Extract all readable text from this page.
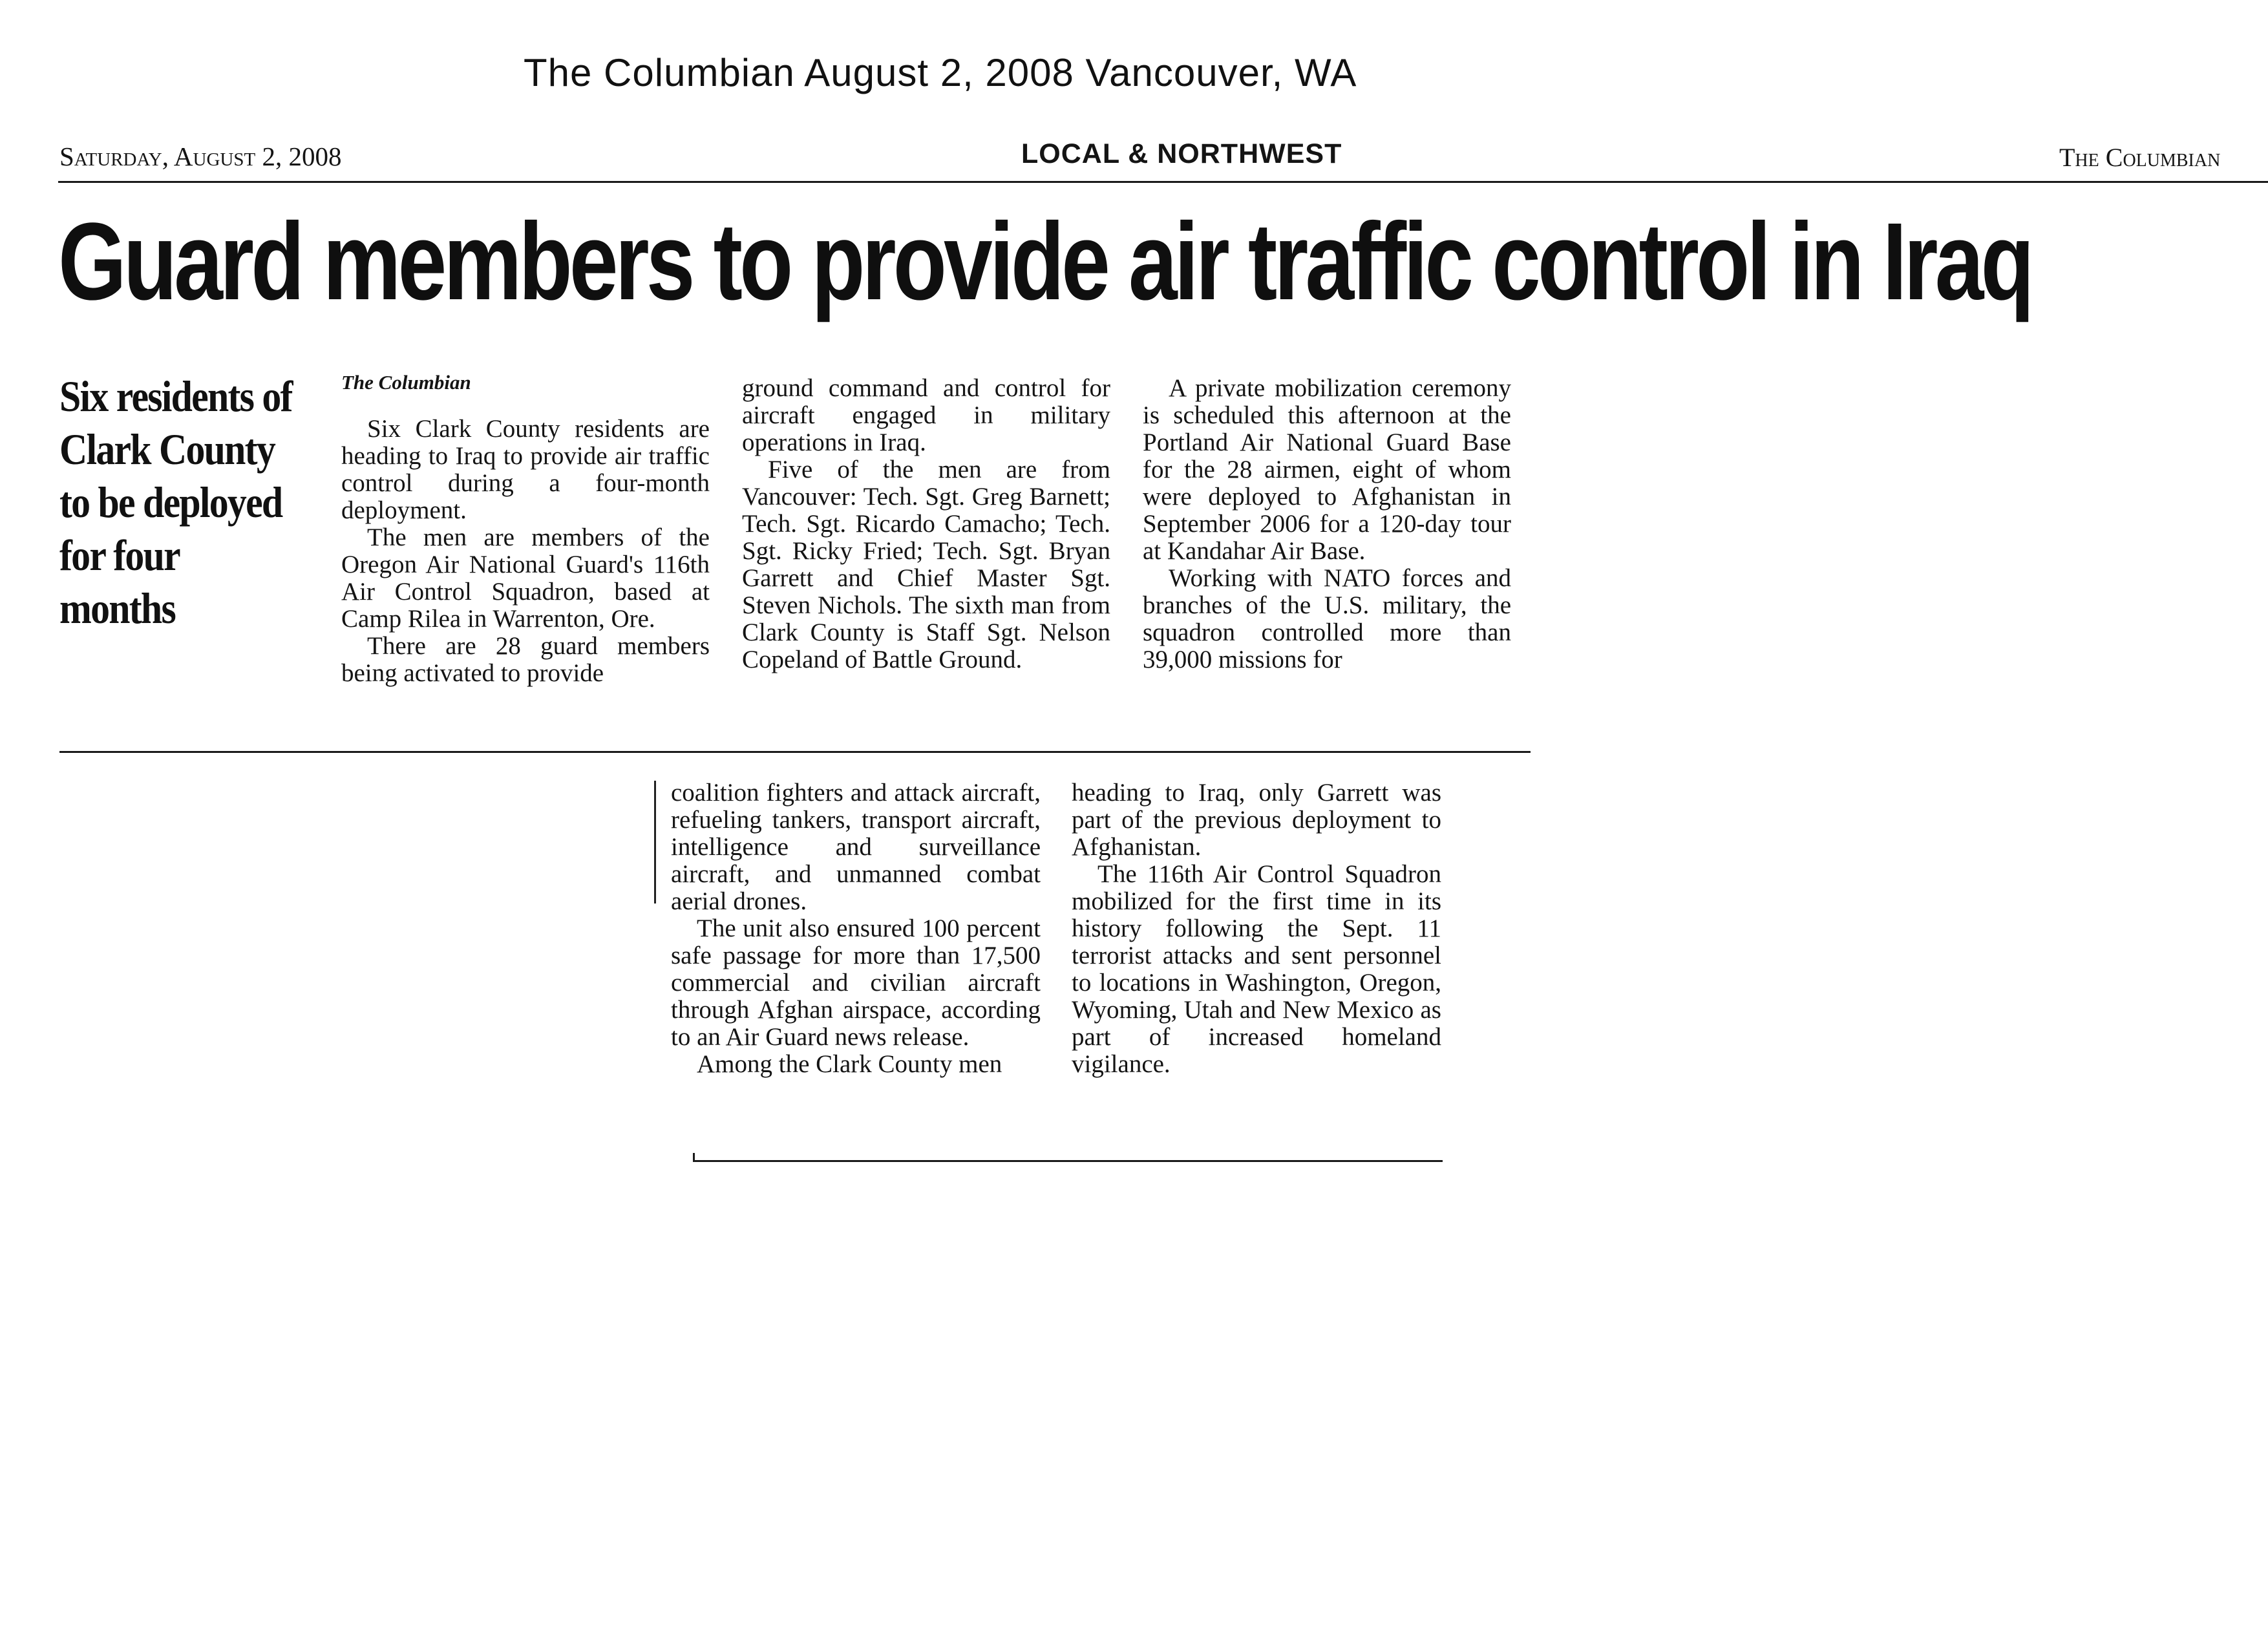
The Columbian August 2, 2008 Vancouver, WA
Saturday, August 2, 2008	LOCAL & NORTHWEST	The Columbian
Guard members to provide air traffic control in Iraq
Six residents of Clark County to be deployed for four months
The Columbian

Six Clark County residents are heading to Iraq to provide air traffic control during a four-month deployment.

The men are members of the Oregon Air National Guard's 116th Air Control Squadron, based at Camp Rilea in Warrenton, Ore.

There are 28 guard members being activated to provide

ground command and control for aircraft engaged in military operations in Iraq.

Five of the men are from Vancouver: Tech. Sgt. Greg Barnett; Tech. Sgt. Ricardo Camacho; Tech. Sgt. Ricky Fried; Tech. Sgt. Bryan Garrett and Chief Master Sgt. Steven Nichols. The sixth man from Clark County is Staff Sgt. Nelson Copeland of Battle Ground.

A private mobilization ceremony is scheduled this afternoon at the Portland Air National Guard Base for the 28 airmen, eight of whom were deployed to Afghanistan in September 2006 for a 120-day tour at Kandahar Air Base.

Working with NATO forces and branches of the U.S. military, the squadron controlled more than 39,000 missions for

coalition fighters and attack aircraft, refueling tankers, transport aircraft, intelligence and surveillance aircraft, and unmanned combat aerial drones.

The unit also ensured 100 percent safe passage for more than 17,500 commercial and civilian aircraft through Afghan airspace, according to an Air Guard news release.

Among the Clark County men

heading to Iraq, only Garrett was part of the previous deployment to Afghanistan.

The 116th Air Control Squadron mobilized for the first time in its history following the Sept. 11 terrorist attacks and sent personnel to locations in Washington, Oregon, Wyoming, Utah and New Mexico as part of increased homeland vigilance.
